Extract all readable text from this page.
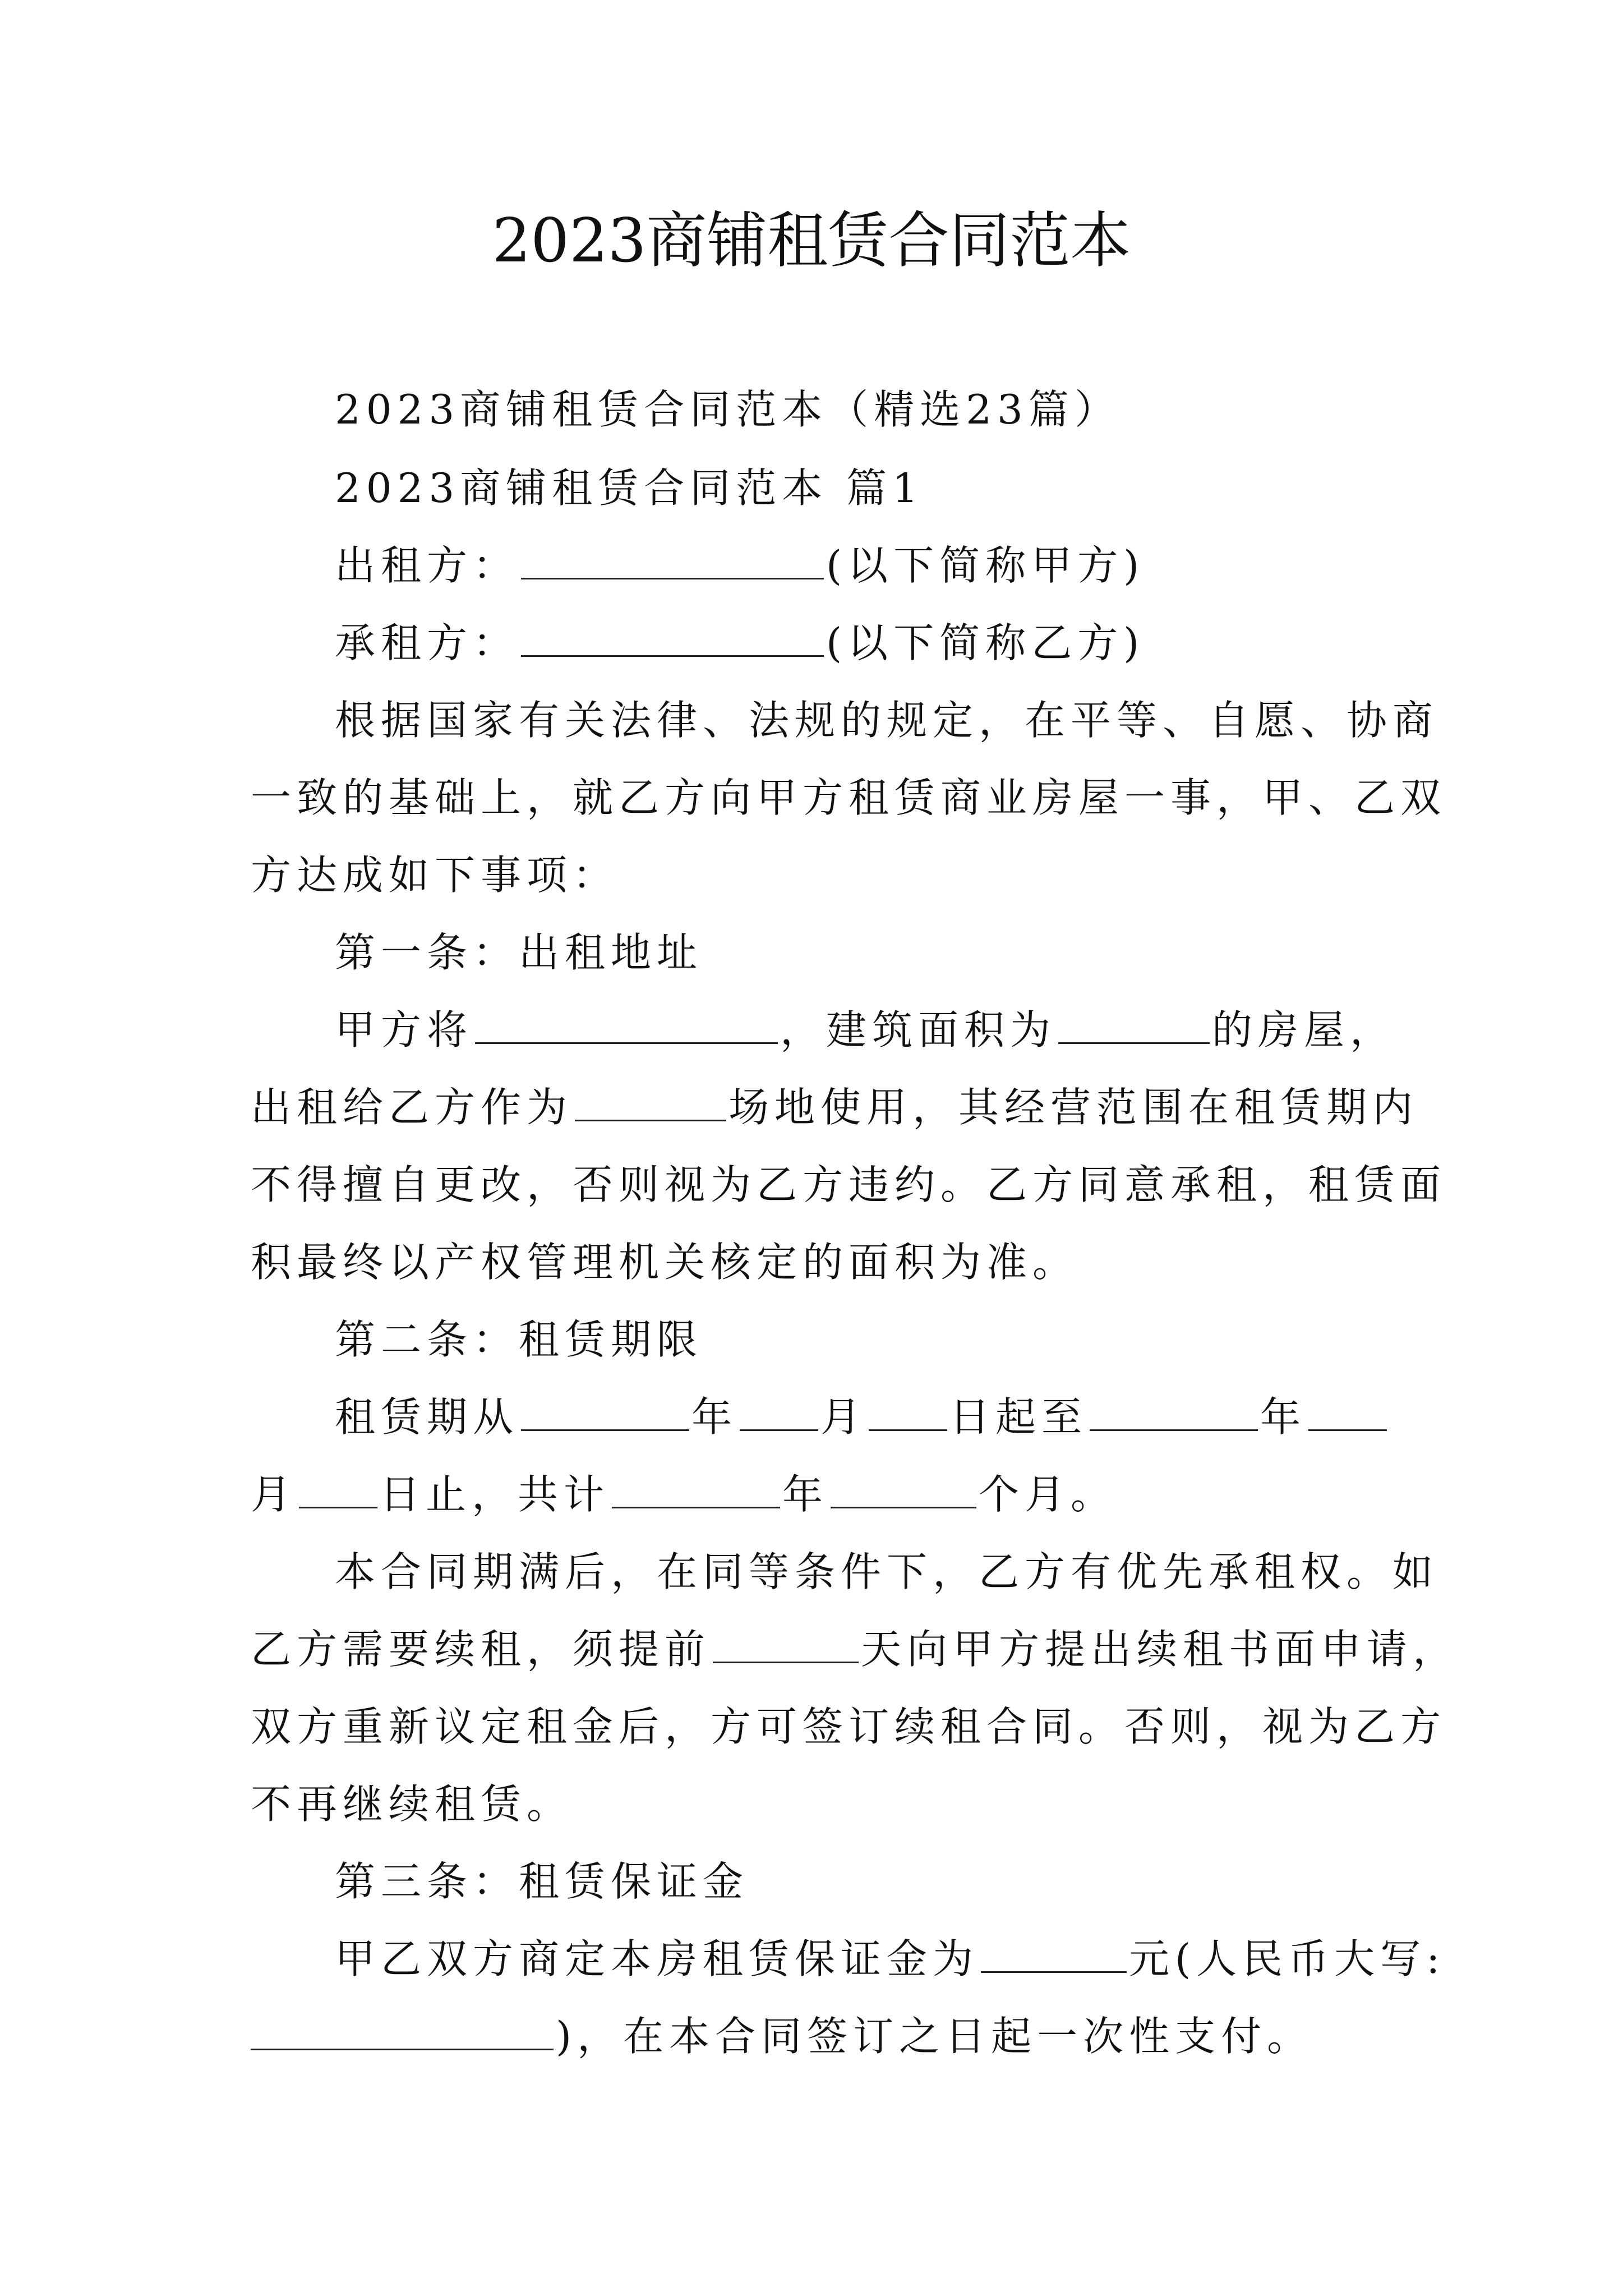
2023商铺租赁合同范本
2023商铺租赁合同范本（精选23篇）
2023商铺租赁合同范本 篇1
出租方：	(以下简称甲方)
承租方：	(以下简称乙方)
根据国家有关法律、法规的规定，在平等、自愿、协商
一致的基础上，就乙方向甲方租赁商业房屋一事，甲、乙双
方达成如下事项：
第一条：出租地址
甲方将	，建筑面积为	的房屋，
出租给乙方作为	场地使用，其经营范围在租赁期内
不得擅自更改，否则视为乙方违约。乙方同意承租，租赁面
积最终以产权管理机关核定的面积为准。
第二条：租赁期限
租赁期从	年 月 日起至	年
月 日止，共计	年	个月。
本合同期满后，在同等条件下，乙方有优先承租权。如
乙方需要续租，须提前	天向甲方提出续租书面申请，
双方重新议定租金后，方可签订续租合同。否则，视为乙方
不再继续租赁。
第三条：租赁保证金
甲乙双方商定本房租赁保证金为	元(人民币大写:
)，在本合同签订之日起一次性支付。
